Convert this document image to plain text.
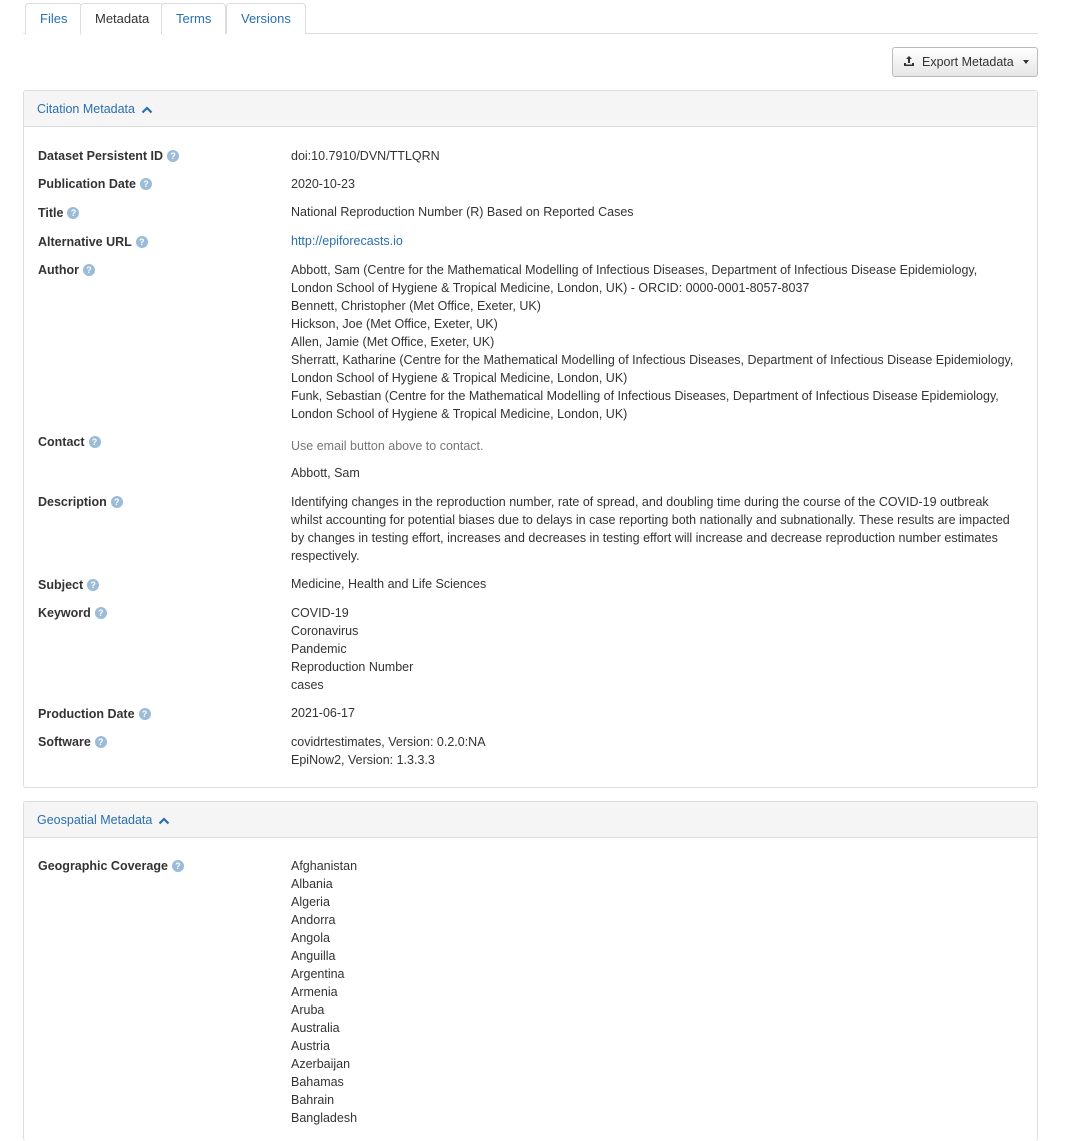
Files	Metadata	Terms	Versions
Export Metadata
Citation Metadata
Dataset Persistent ID ?	doi:10.7910/DVN/TTLQRN
Publication Date ?	2020-10-23
Title ?	National Reproduction Number (R) Based on Reported Cases
Alternative URL ?	http://epiforecasts.io
Author ?	Abbott, Sam (Centre for the Mathematical Modelling of Infectious Diseases, Department of Infectious Disease Epidemiology,
London School of Hygiene & Tropical Medicine, London, UK) - ORCID: 0000-0001-8057-8037
Bennett, Christopher (Met Office, Exeter, UK)
Hickson, Joe (Met Office, Exeter, UK)
Allen, Jamie (Met Office, Exeter, UK)
Sherratt, Katharine (Centre for the Mathematical Modelling of Infectious Diseases, Department of Infectious Disease Epidemiology,
London School of Hygiene & Tropical Medicine, London, UK)
Funk, Sebastian (Centre for the Mathematical Modelling of Infectious Diseases, Department of Infectious Disease Epidemiology,
London School of Hygiene & Tropical Medicine, London, UK)
Contact ?	Use email button above to contact.
Abbott, Sam
Description ?	Identifying changes in the reproduction number, rate of spread, and doubling time during the course of the COVID-19 outbreak
whilst accounting for potential biases due to delays in case reporting both nationally and subnationally. These results are impacted
by changes in testing effort, increases and decreases in testing effort will increase and decrease reproduction number estimates
respectively.
Subject ?	Medicine, Health and Life Sciences
Keyword ?	COVID-19
Coronavirus
Pandemic
Reproduction Number
cases
Production Date ?	2021-06-17
Software ?	covidrtestimates, Version: 0.2.0:NA
EpiNow2, Version: 1.3.3.3
Geospatial Metadata
Geographic Coverage ?	Afghanistan
Albania
Algeria
Andorra
Angola
Anguilla
Argentina
Armenia
Aruba
Australia
Austria
Azerbaijan
Bahamas
Bahrain
Bangladesh
